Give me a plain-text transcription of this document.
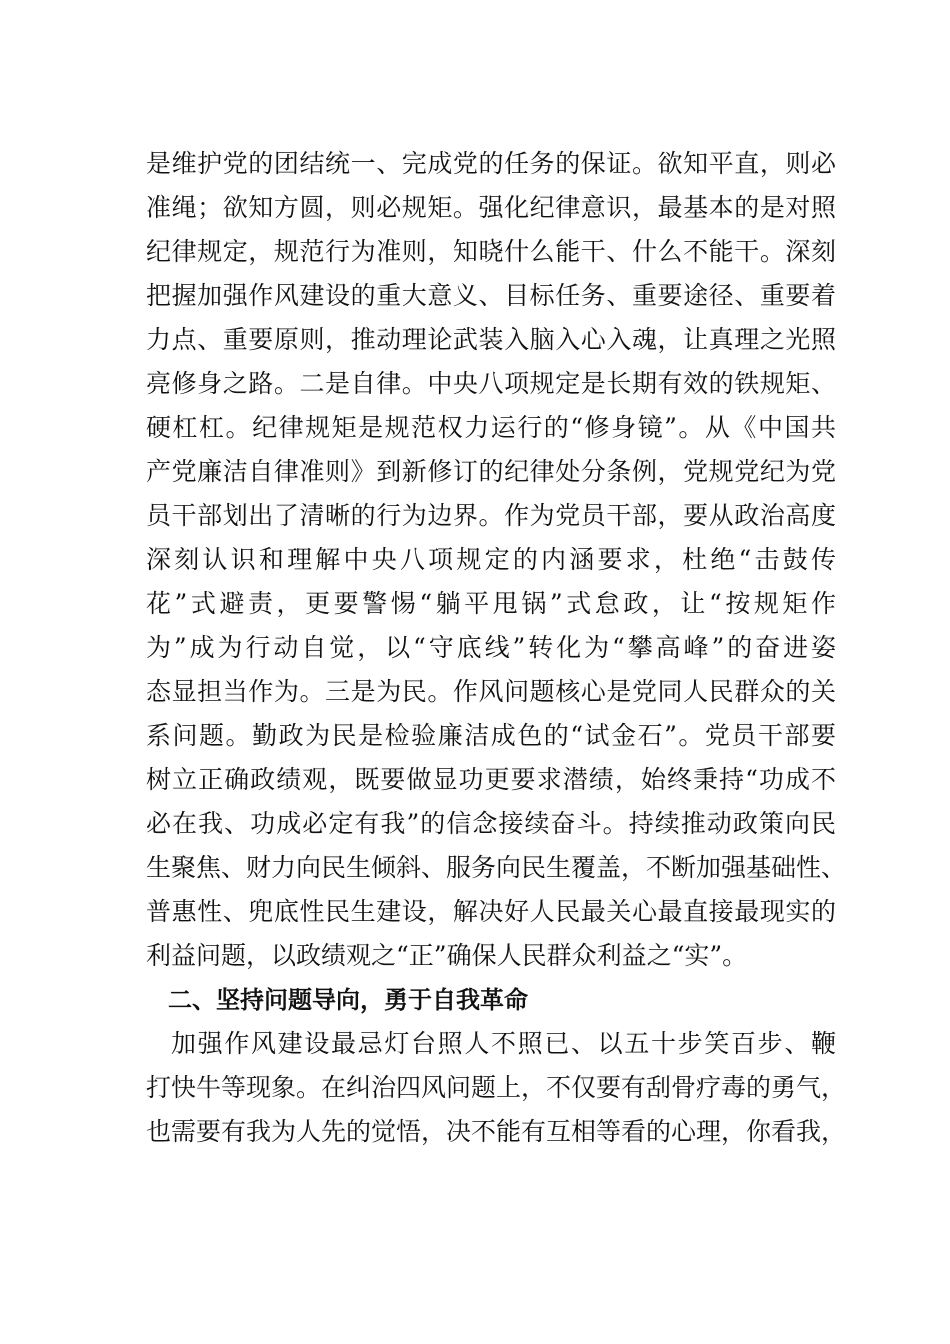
是维护党的团结统一、完成党的任务的保证。欲知平直，则必
准绳；欲知方圆，则必规矩。强化纪律意识，最基本的是对照
纪律规定，规范行为准则，知晓什么能干、什么不能干。深刻
把握加强作风建设的重大意义、目标任务、重要途径、重要着
力点、重要原则，推动理论武装入脑入心入魂，让真理之光照
亮修身之路。二是自律。中央八项规定是长期有效的铁规矩、
硬杠杠。纪律规矩是规范权力运行的“修身镜”。从《中国共
产党廉洁自律准则》到新修订的纪律处分条例，党规党纪为党
员干部划出了清晰的行为边界。作为党员干部，要从政治高度
深刻认识和理解中央八项规定的内涵要求，杜绝“击鼓传
花”式避责，更要警惕“躺平甩锅”式怠政，让“按规矩作
为”成为行动自觉，以“守底线”转化为“攀高峰”的奋进姿
态显担当作为。三是为民。作风问题核心是党同人民群众的关
系问题。勤政为民是检验廉洁成色的“试金石”。党员干部要
树立正确政绩观，既要做显功更要求潜绩，始终秉持“功成不
必在我、功成必定有我”的信念接续奋斗。持续推动政策向民
生聚焦、财力向民生倾斜、服务向民生覆盖，不断加强基础性、
普惠性、兜底性民生建设，解决好人民最关心最直接最现实的
利益问题，以政绩观之“正”确保人民群众利益之“实”。
二、坚持问题导向，勇于自我革命
加强作风建设最忌灯台照人不照已、以五十步笑百步、鞭
打快牛等现象。在纠治四风问题上，不仅要有刮骨疗毒的勇气，
也需要有我为人先的觉悟，决不能有互相等看的心理，你看我，
